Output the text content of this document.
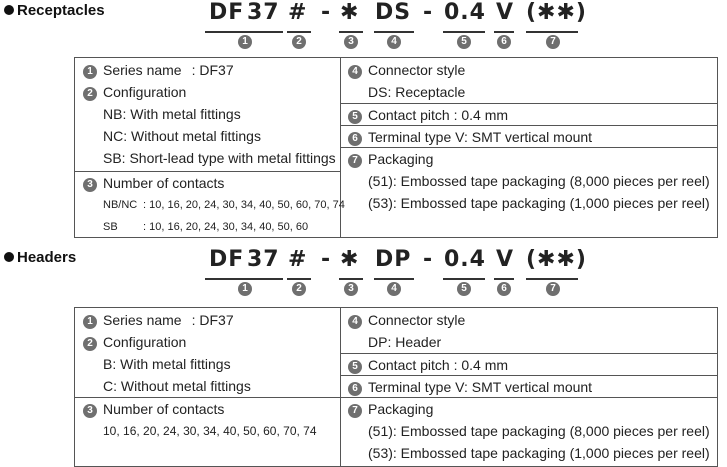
Receptacles	DF 37 # - ✱ DS - 0.4 V (✱✱)
1	2	3	4	5	6	7
1 Series name : DF37
2 Configuration
NB: With metal fittings
NC: Without metal fittings
SB: Short-lead type with metal fittings
3 Number of contacts
NB/NC : 10, 16, 20, 24, 30, 34, 40, 50, 60, 70, 74
SB : 10, 16, 20, 24, 30, 34, 40, 50, 60
4 Connector style
DS: Receptacle
5 Contact pitch : 0.4 mm
6 Terminal type V: SMT vertical mount
7 Packaging
(51): Embossed tape packaging (8,000 pieces per reel)
(53): Embossed tape packaging (1,000 pieces per reel)
Headers	DF 37 # - ✱ DP - 0.4 V (✱✱)
1	2	3	4	5	6	7
1 Series name : DF37
2 Configuration
B: With metal fittings
C: Without metal fittings
3 Number of contacts
10, 16, 20, 24, 30, 34, 40, 50, 60, 70, 74
4 Connector style
DP: Header
5 Contact pitch : 0.4 mm
6 Terminal type V: SMT vertical mount
7 Packaging
(51): Embossed tape packaging (8,000 pieces per reel)
(53): Embossed tape packaging (1,000 pieces per reel)
